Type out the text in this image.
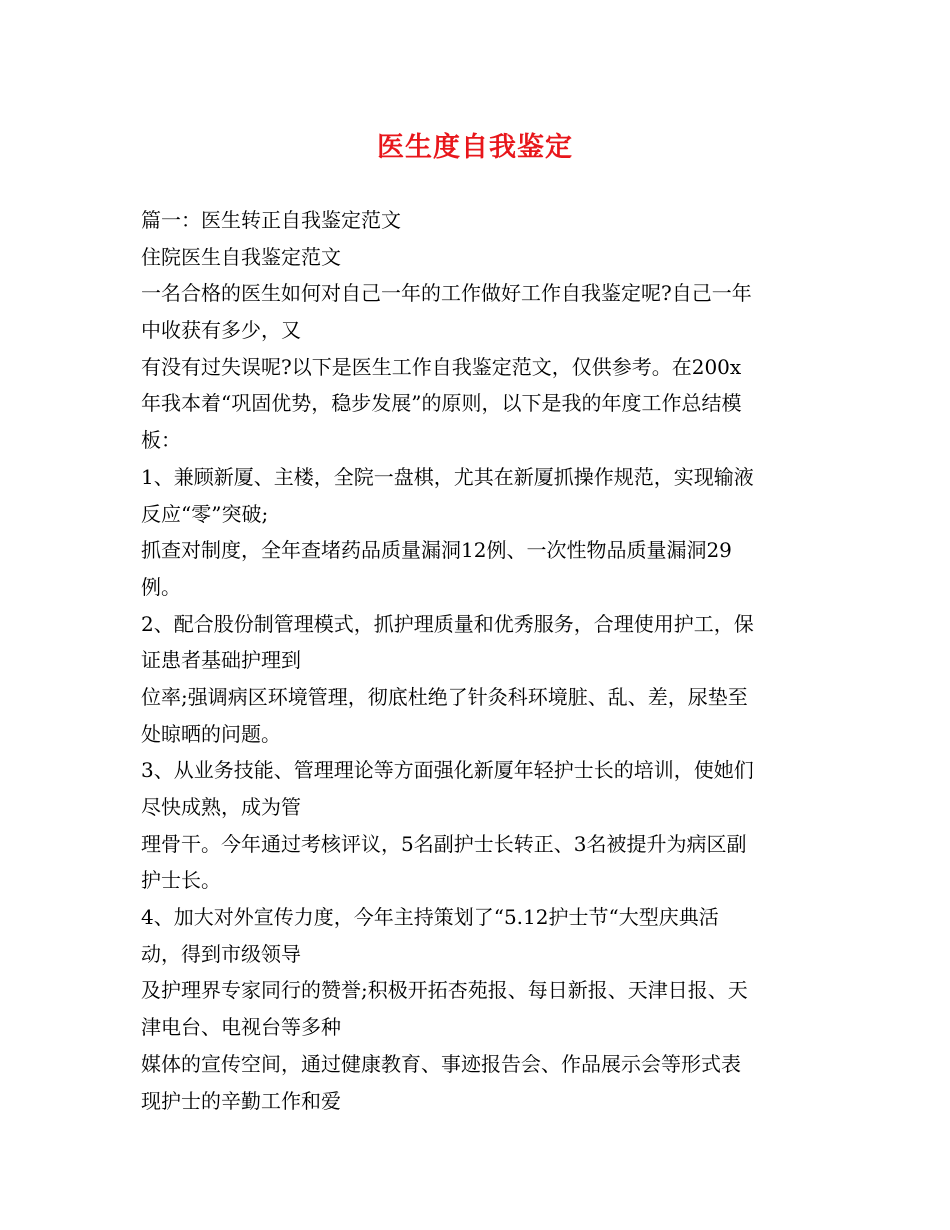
医生度自我鉴定
篇一：医生转正自我鉴定范文
住院医生自我鉴定范文
一名合格的医生如何对自己一年的工作做好工作自我鉴定呢?自己一年
中收获有多少，又
有没有过失误呢?以下是医生工作自我鉴定范文，仅供参考。在200x
年我本着“巩固优势，稳步发展”的原则，以下是我的年度工作总结模
板：
1、兼顾新厦、主楼，全院一盘棋，尤其在新厦抓操作规范，实现输液
反应“零”突破;
抓查对制度，全年查堵药品质量漏洞12例、一次性物品质量漏洞29
例。
2、配合股份制管理模式，抓护理质量和优秀服务，合理使用护工，保
证患者基础护理到
位率;强调病区环境管理，彻底杜绝了针灸科环境脏、乱、差，尿垫至
处晾晒的问题。
3、从业务技能、管理理论等方面强化新厦年轻护士长的培训，使她们
尽快成熟，成为管
理骨干。今年通过考核评议，5名副护士长转正、3名被提升为病区副
护士长。
4、加大对外宣传力度，今年主持策划了“5.12护士节“大型庆典活
动，得到市级领导
及护理界专家同行的赞誉;积极开拓杏苑报、每日新报、天津日报、天
津电台、电视台等多种
媒体的宣传空间，通过健康教育、事迹报告会、作品展示会等形式表
现护士的辛勤工作和爱
